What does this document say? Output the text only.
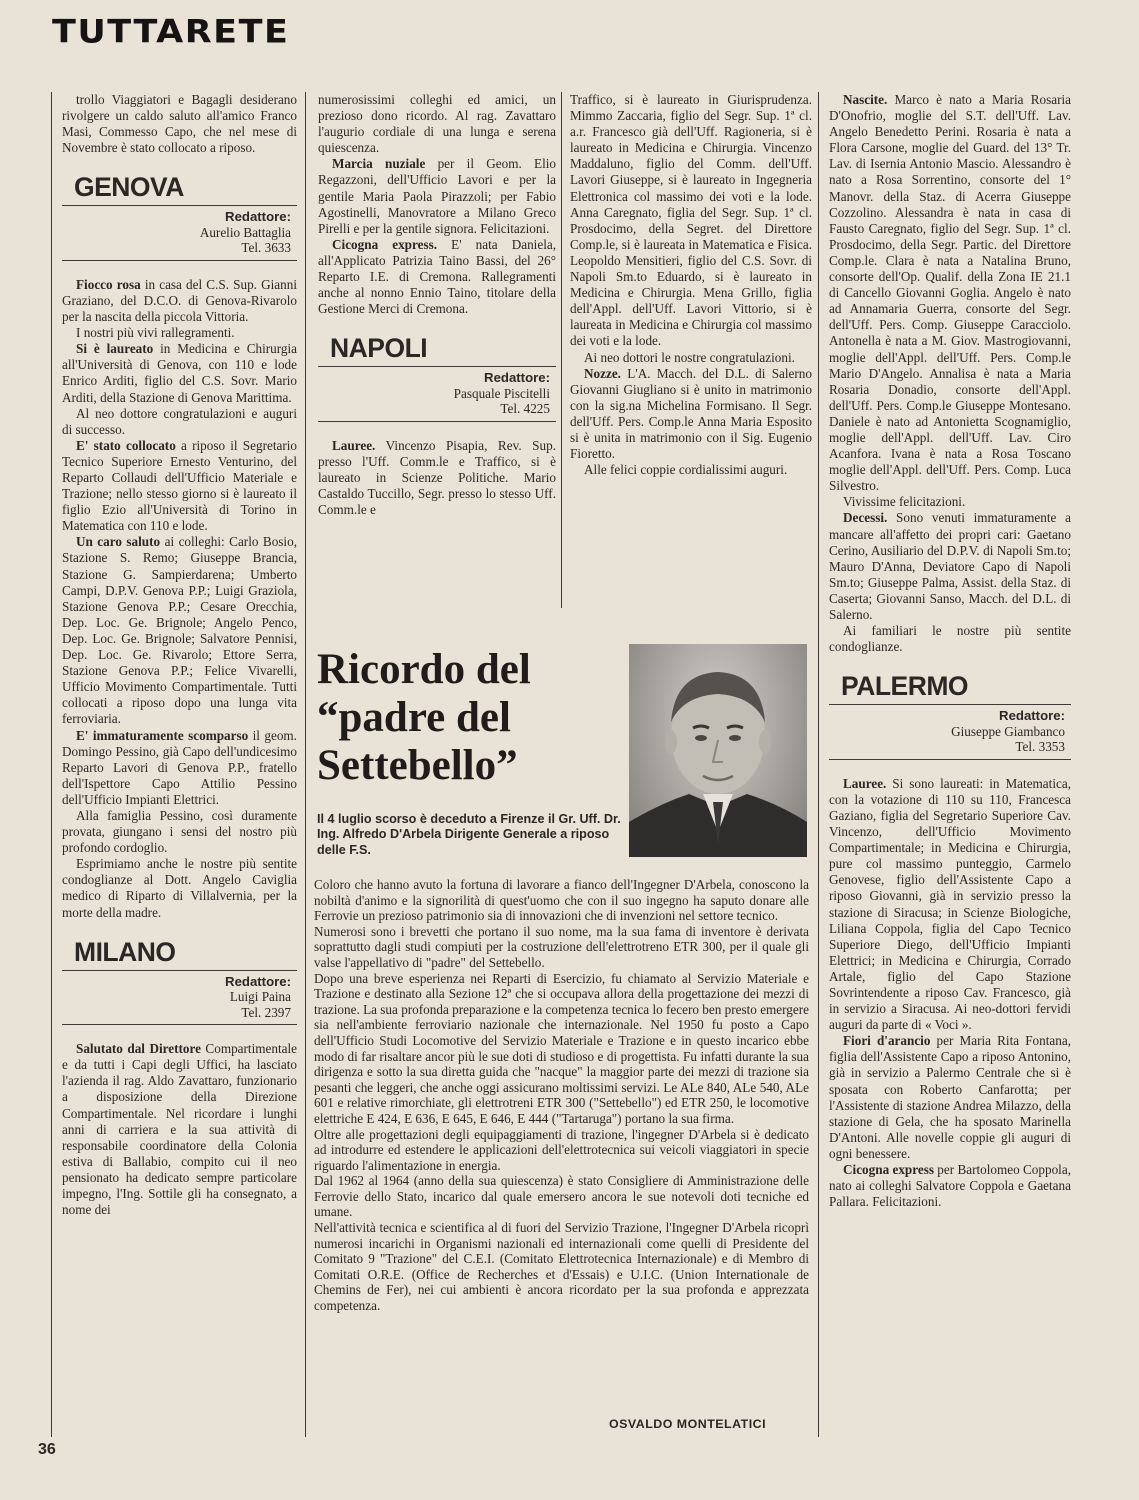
TUTTARETE

trollo Viaggiatori e Bagagli desiderano rivolgere un caldo saluto all'amico Franco Masi, Commesso Capo, che nel mese di Novembre è stato collocato a riposo.

GENOVA
Redattore:
Aurelio Battaglia
Tel. 3633

Fiocco rosa in casa del C.S. Sup. Gianni Graziano, del D.C.O. di Genova-Rivarolo per la nascita della piccola Vittoria.

I nostri più vivi rallegramenti.

Si è laureato in Medicina e Chirurgia all'Università di Genova, con 110 e lode Enrico Arditi, figlio del C.S. Sovr. Mario Arditi, della Stazione di Genova Marittima.

Al neo dottore congratulazioni e auguri di successo.

E' stato collocato a riposo il Segretario Tecnico Superiore Ernesto Venturino, del Reparto Collaudi dell'Ufficio Materiale e Trazione; nello stesso giorno si è laureato il figlio Ezio all'Università di Torino in Matematica con 110 e lode.

Un caro saluto ai colleghi: Carlo Bosio, Stazione S. Remo; Giuseppe Brancia, Stazione G. Sampierdarena; Umberto Campi, D.P.V. Genova P.P.; Luigi Graziola, Stazione Genova P.P.; Cesare Orecchia, Dep. Loc. Ge. Brignole; Angelo Penco, Dep. Loc. Ge. Brignole; Salvatore Pennisi, Dep. Loc. Ge. Rivarolo; Ettore Serra, Stazione Genova P.P.; Felice Vivarelli, Ufficio Movimento Compartimentale. Tutti collocati a riposo dopo una lunga vita ferroviaria.

E' immaturamente scomparso il geom. Domingo Pessino, già Capo dell'undicesimo Reparto Lavori di Genova P.P., fratello dell'Ispettore Capo Attilio Pessino dell'Ufficio Impianti Elettrici.

Alla famiglia Pessino, così duramente provata, giungano i sensi del nostro più profondo cordoglio.

Esprimiamo anche le nostre più sentite condoglianze al Dott. Angelo Caviglia medico di Riparto di Villalvernia, per la morte della madre.

MILANO
Redattore:
Luigi Paina
Tel. 2397

Salutato dal Direttore Compartimentale e da tutti i Capi degli Uffici, ha lasciato l'azienda il rag. Aldo Zavattaro, funzionario a disposizione della Direzione Compartimentale. Nel ricordare i lunghi anni di carriera e la sua attività di responsabile coordinatore della Colonia estiva di Ballabio, compito cui il neo pensionato ha dedicato sempre particolare impegno, l'Ing. Sottile gli ha consegnato, a nome dei

numerosissimi colleghi ed amici, un prezioso dono ricordo. Al rag. Zavattaro l'augurio cordiale di una lunga e serena quiescenza.

Marcia nuziale per il Geom. Elio Regazzoni, dell'Ufficio Lavori e per la gentile Maria Paola Pirazzoli; per Fabio Agostinelli, Manovratore a Milano Greco Pirelli e per la gentile signora. Felicitazioni.

Cicogna express. E' nata Daniela, all'Applicato Patrizia Taino Bassi, del 26° Reparto I.E. di Cremona. Rallegramenti anche al nonno Ennio Taino, titolare della Gestione Merci di Cremona.

NAPOLI
Redattore:
Pasquale Piscitelli
Tel. 4225

Lauree. Vincenzo Pisapia, Rev. Sup. presso l'Uff. Comm.le e Traffico, si è laureato in Scienze Politiche. Mario Castaldo Tuccillo, Segr. presso lo stesso Uff. Comm.le e

Traffico, si è laureato in Giurisprudenza. Mimmo Zaccaria, figlio del Segr. Sup. 1ª cl. a.r. Francesco già dell'Uff. Ragioneria, si è laureato in Medicina e Chirurgia. Vincenzo Maddaluno, figlio del Comm. dell'Uff. Lavori Giuseppe, si è laureato in Ingegneria Elettronica col massimo dei voti e la lode. Anna Caregnato, figlia del Segr. Sup. 1ª cl. Prosdocimo, della Segret. del Direttore Comp.le, si è laureata in Matematica e Fisica. Leopoldo Mensitieri, figlio del C.S. Sovr. di Napoli Sm.to Eduardo, si è laureato in Medicina e Chirurgia. Mena Grillo, figlia dell'Appl. dell'Uff. Lavori Vittorio, si è laureata in Medicina e Chirurgia col massimo dei voti e la lode.

Ai neo dottori le nostre congratulazioni.

Nozze. L'A. Macch. del D.L. di Salerno Giovanni Giugliano si è unito in matrimonio con la sig.na Michelina Formisano. Il Segr. dell'Uff. Pers. Comp.le Anna Maria Esposito si è unita in matrimonio con il Sig. Eugenio Fioretto.

Alle felici coppie cordialissimi auguri.

Nascite. Marco è nato a Maria Rosaria D'Onofrio, moglie del S.T. dell'Uff. Lav. Angelo Benedetto Perini. Rosaria è nata a Flora Carsone, moglie del Guard. del 13° Tr. Lav. di Isernia Antonio Mascio. Alessandro è nato a Rosa Sorrentino, consorte del 1° Manovr. della Staz. di Acerra Giuseppe Cozzolino. Alessandra è nata in casa di Fausto Caregnato, figlio del Segr. Sup. 1ª cl. Prosdocimo, della Segr. Partic. del Direttore Comp.le. Clara è nata a Natalina Bruno, consorte dell'Op. Qualif. della Zona IE 21.1 di Cancello Giovanni Goglia. Angelo è nato ad Annamaria Guerra, consorte del Segr. dell'Uff. Pers. Comp. Giuseppe Caracciolo. Antonella è nata a M. Giov. Mastrogiovanni, moglie dell'Appl. dell'Uff. Pers. Comp.le Mario D'Angelo. Annalisa è nata a Maria Rosaria Donadio, consorte dell'Appl. dell'Uff. Pers. Comp.le Giuseppe Montesano. Daniele è nato ad Antonietta Scognamiglio, moglie dell'Appl. dell'Uff. Lav. Ciro Acanfora. Ivana è nata a Rosa Toscano moglie dell'Appl. dell'Uff. Pers. Comp. Luca Silvestro.

Vivissime felicitazioni.

Decessi. Sono venuti immaturamente a mancare all'affetto dei propri cari: Gaetano Cerino, Ausiliario del D.P.V. di Napoli Sm.to; Mauro D'Anna, Deviatore Capo di Napoli Sm.to; Giuseppe Palma, Assist. della Staz. di Caserta; Giovanni Sanso, Macch. del D.L. di Salerno.

Ai familiari le nostre più sentite condoglianze.

PALERMO
Redattore:
Giuseppe Giambanco
Tel. 3353

Lauree. Si sono laureati: in Matematica, con la votazione di 110 su 110, Francesca Gaziano, figlia del Segretario Superiore Cav. Vincenzo, dell'Ufficio Movimento Compartimentale; in Medicina e Chirurgia, pure col massimo punteggio, Carmelo Genovese, figlio dell'Assistente Capo a riposo Giovanni, già in servizio presso la stazione di Siracusa; in Scienze Biologiche, Liliana Coppola, figlia del Capo Tecnico Superiore Diego, dell'Ufficio Impianti Elettrici; in Medicina e Chirurgia, Corrado Artale, figlio del Capo Stazione Sovrintendente a riposo Cav. Francesco, già in servizio a Siracusa. Ai neo-dottori fervidi auguri da parte di « Voci ».

Fiori d'arancio per Maria Rita Fontana, figlia dell'Assistente Capo a riposo Antonino, già in servizio a Palermo Centrale che si è sposata con Roberto Canfarotta; per l'Assistente di stazione Andrea Milazzo, della stazione di Gela, che ha sposato Marinella D'Antoni. Alle novelle coppie gli auguri di ogni benessere.

Cicogna express per Bartolomeo Coppola, nato ai colleghi Salvatore Coppola e Gaetana Pallara. Felicitazioni.

Ricordo del
“padre del
Settebello”
Il 4 luglio scorso è deceduto a Firenze il Gr. Uff. Dr. Ing. Alfredo D'Arbela Dirigente Generale a riposo delle F.S.

Coloro che hanno avuto la fortuna di lavorare a fianco dell'Ingegner D'Arbela, conoscono la nobiltà d'animo e la signorilità di quest'uomo che con il suo ingegno ha saputo donare alle Ferrovie un prezioso patrimonio sia di innovazioni che di invenzioni nel settore tecnico.

Numerosi sono i brevetti che portano il suo nome, ma la sua fama di inventore è derivata soprattutto dagli studi compiuti per la costruzione dell'elettrotreno ETR 300, per il quale gli valse l'appellativo di "padre" del Settebello.

Dopo una breve esperienza nei Reparti di Esercizio, fu chiamato al Servizio Materiale e Trazione e destinato alla Sezione 12ª che si occupava allora della progettazione dei mezzi di trazione. La sua profonda preparazione e la competenza tecnica lo fecero ben presto emergere sia nell'ambiente ferroviario nazionale che internazionale. Nel 1950 fu posto a Capo dell'Ufficio Studi Locomotive del Servizio Materiale e Trazione e in questo incarico ebbe modo di far risaltare ancor più le sue doti di studioso e di progettista. Fu infatti durante la sua dirigenza e sotto la sua diretta guida che "nacque" la maggior parte dei mezzi di trazione sia pesanti che leggeri, che anche oggi assicurano moltissimi servizi. Le ALe 840, ALe 540, ALe 601 e relative rimorchiate, gli elettrotreni ETR 300 ("Settebello") ed ETR 250, le locomotive elettriche E 424, E 636, E 645, E 646, E 444 ("Tartaruga") portano la sua firma.

Oltre alle progettazioni degli equipaggiamenti di trazione, l'ingegner D'Arbela si è dedicato ad introdurre ed estendere le applicazioni dell'elettrotecnica sui veicoli viaggiatori in specie riguardo l'alimentazione in energia.

Dal 1962 al 1964 (anno della sua quiescenza) è stato Consigliere di Amministrazione delle Ferrovie dello Stato, incarico dal quale emersero ancora le sue notevoli doti tecniche ed umane.

Nell'attività tecnica e scientifica al di fuori del Servizio Trazione, l'Ingegner D'Arbela ricoprì numerosi incarichi in Organismi nazionali ed internazionali come quelli di Presidente del Comitato 9 "Trazione" del C.E.I. (Comitato Elettrotecnica Internazionale) e di Membro di Comitati O.R.E. (Office de Recherches et d'Essais) e U.I.C. (Union Internationale de Chemins de Fer), nei cui ambienti è ancora ricordato per la sua profonda e apprezzata competenza.

OSVALDO MONTELATICI
36
